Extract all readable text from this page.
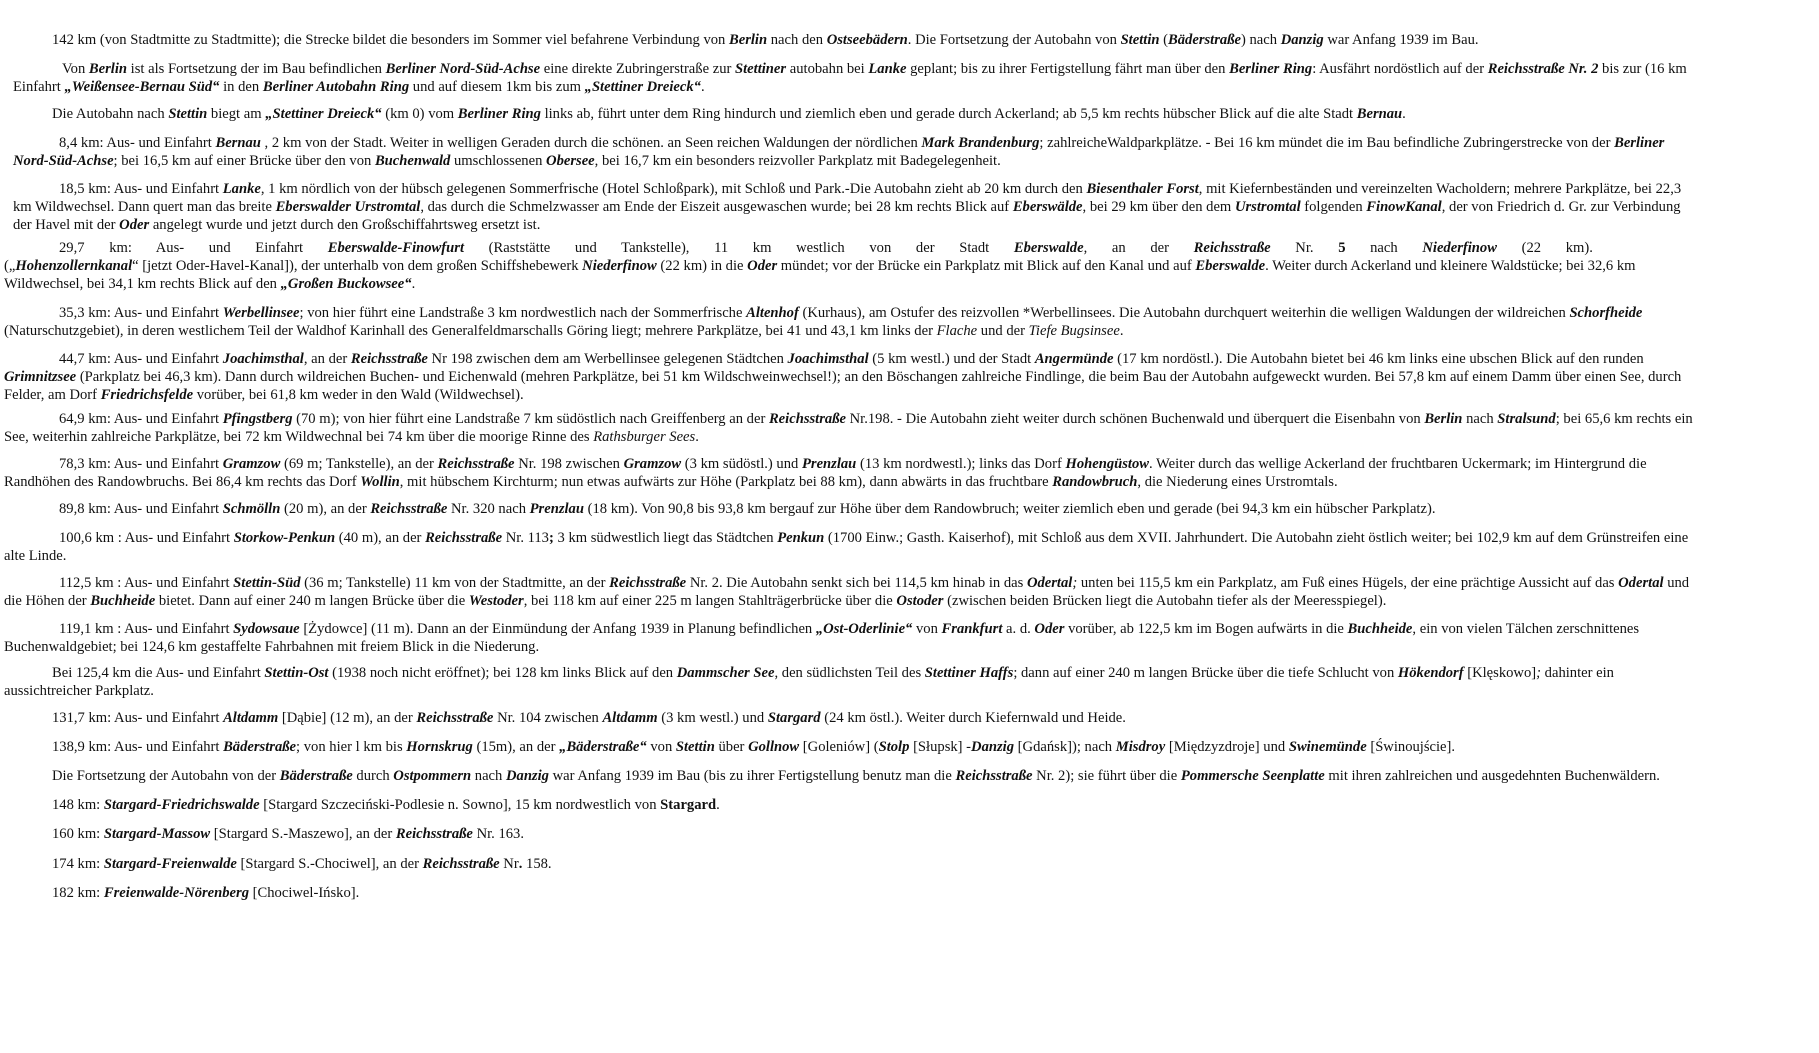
142 km (von Stadtmitte zu Stadtmitte); die Strecke bildet die besonders im Sommer viel befahrene Verbindung von Berlin nach den Ostseebädern. Die Fortsetzung der Autobahn von Stettin (Bäderstraße) nach Danzig war Anfang 1939 im Bau.
Von Berlin ist als Fortsetzung der im Bau befindlichen Berliner Nord-Süd-Achse eine direkte Zubringerstraße zur Stettiner autobahn bei Lanke geplant; bis zu ihrer Fertigstellung fährt man über den Berliner Ring: Ausfährt nordöstlich auf der Reichsstraße Nr. 2 bis zur (16 km
Einfahrt „Weißensee-Bernau Süd“ in den Berliner Autobahn Ring und auf diesem 1km bis zum „Stettiner Dreieck“.
Die Autobahn nach Stettin biegt am „Stettiner Dreieck“ (km 0) vom Berliner Ring links ab, führt unter dem Ring hindurch und ziemlich eben und gerade durch Ackerland; ab 5,5 km rechts hübscher Blick auf die alte Stadt Bernau.
8,4 km: Aus- und Einfahrt Bernau , 2 km von der Stadt. Weiter in welligen Geraden durch die schönen. an Seen reichen Waldungen der nördlichen Mark Brandenburg; zahlreicheWaldparkplätze. - Bei 16 km mündet die im Bau befindliche Zubringerstrecke von der Berliner
Nord-Süd-Achse; bei 16,5 km auf einer Brücke über den von Buchenwald umschlossenen Obersee, bei 16,7 km ein besonders reizvoller Parkplatz mit Badegelegenheit.
18,5 km: Aus- und Einfahrt Lanke, 1 km nördlich von der hübsch gelegenen Sommerfrische (Hotel Schloßpark), mit Schloß und Park.-Die Autobahn zieht ab 20 km durch den Biesenthaler Forst, mit Kiefernbeständen und vereinzelten Wacholdern; mehrere Parkplätze, bei 22,3
km Wildwechsel. Dann quert man das breite Eberswalder Urstromtal, das durch die Schmelzwasser am Ende der Eiszeit ausgewaschen wurde; bei 28 km rechts Blick auf Eberswälde, bei 29 km über den dem Urstromtal folgenden FinowKanal, der von Friedrich d. Gr. zur Verbindung
der Havel mit der Oder angelegt wurde und jetzt durch den Großschiffahrtsweg ersetzt ist.
29,7 km: Aus- und Einfahrt Eberswalde-Finowfurt (Raststätte und Tankstelle), 11 km westlich von der Stadt Eberswalde, an der Reichsstraße Nr. 5 nach Niederfinow (22 km).
(„Hohenzollernkanal“ [jetzt Oder-Havel-Kanal]), der unterhalb von dem großen Schiffshebewerk Niederfinow (22 km) in die Oder mündet; vor der Brücke ein Parkplatz mit Blick auf den Kanal und auf Eberswalde. Weiter durch Ackerland und kleinere Waldstücke; bei 32,6 km
Wildwechsel, bei 34,1 km rechts Blick auf den „Großen Buckowsee“.
35,3 km: Aus- und Einfahrt Werbellinsee; von hier führt eine Landstraße 3 km nordwestlich nach der Sommerfrische Altenhof (Kurhaus), am Ostufer des reizvollen *Werbellinsees. Die Autobahn durchquert weiterhin die welligen Waldungen der wildreichen Schorfheide
(Naturschutzgebiet), in deren westlichem Teil der Waldhof Karinhall des Generalfeldmarschalls Göring liegt; mehrere Parkplätze, bei 41 und 43,1 km links der Flache und der Tiefe Bugsinsee.
44,7 km: Aus- und Einfahrt Joachimsthal, an der Reichsstraße Nr 198 zwischen dem am Werbellinsee gelegenen Städtchen Joachimsthal (5 km westl.) und der Stadt Angermünde (17 km nordöstl.). Die Autobahn bietet bei 46 km links eine ubschen Blick auf den runden
Grimnitzsee (Parkplatz bei 46,3 km). Dann durch wildreichen Buchen- und Eichenwald (mehren Parkplätze, bei 51 km Wildschweinwechsel!); an den Böschangen zahlreiche Findlinge, die beim Bau der Autobahn aufgeweckt wurden. Bei 57,8 km auf einem Damm über einen See, durch
Felder, am Dorf Friedrichsfelde vorüber, bei 61,8 km weder in den Wald (Wildwechsel).
64,9 km: Aus- und Einfahrt Pfingstberg (70 m); von hier führt eine Landstraße 7 km südöstlich nach Greiffenberg an der Reichsstraße Nr.198. - Die Autobahn zieht weiter durch schönen Buchenwald und überquert die Eisenbahn von Berlin nach Stralsund; bei 65,6 km rechts ein
See, weiterhin zahlreiche Parkplätze, bei 72 km Wildwechnal bei 74 km über die moorige Rinne des Rathsburger Sees.
78,3 km: Aus- und Einfahrt Gramzow (69 m; Tankstelle), an der Reichsstraße Nr. 198 zwischen Gramzow (3 km südöstl.) und Prenzlau (13 km nordwestl.); links das Dorf Hohengüstow. Weiter durch das wellige Ackerland der fruchtbaren Uckermark; im Hintergrund die
Randhöhen des Randowbruchs. Bei 86,4 km rechts das Dorf Wollin, mit hübschem Kirchturm; nun etwas aufwärts zur Höhe (Parkplatz bei 88 km), dann abwärts in das fruchtbare Randowbruch, die Niederung eines Urstromtals.
89,8 km: Aus- und Einfahrt Schmölln (20 m), an der Reichsstraße Nr. 320 nach Prenzlau (18 km). Von 90,8 bis 93,8 km bergauf zur Höhe über dem Randowbruch; weiter ziemlich eben und gerade (bei 94,3 km ein hübscher Parkplatz).
100,6 km : Aus- und Einfahrt Storkow-Penkun (40 m), an der Reichsstraße Nr. 113; 3 km südwestlich liegt das Städtchen Penkun (1700 Einw.; Gasth. Kaiserhof), mit Schloß aus dem XVII. Jahrhundert. Die Autobahn zieht östlich weiter; bei 102,9 km auf dem Grünstreifen eine
alte Linde.
112,5 km : Aus- und Einfahrt Stettin-Süd (36 m; Tankstelle) 11 km von der Stadtmitte, an der Reichsstraße Nr. 2. Die Autobahn senkt sich bei 114,5 km hinab in das Odertal; unten bei 115,5 km ein Parkplatz, am Fuß eines Hügels, der eine prächtige Aussicht auf das Odertal und
die Höhen der Buchheide bietet. Dann auf einer 240 m langen Brücke über die Westoder, bei 118 km auf einer 225 m langen Stahlträgerbrücke über die Ostoder (zwischen beiden Brücken liegt die Autobahn tiefer als der Meeresspiegel).
119,1 km : Aus- und Einfahrt Sydowsaue [Żydowce] (11 m). Dann an der Einmündung der Anfang 1939 in Planung befindlichen „Ost-Oderlinie“ von Frankfurt a. d. Oder vorüber, ab 122,5 km im Bogen aufwärts in die Buchheide, ein von vielen Tälchen zerschnittenes
Buchenwaldgebiet; bei 124,6 km gestaffelte Fahrbahnen mit freiem Blick in die Niederung.
Bei 125,4 km die Aus- und Einfahrt Stettin-Ost (1938 noch nicht eröffnet); bei 128 km links Blick auf den Dammscher See, den südlichsten Teil des Stettiner Haffs; dann auf einer 240 m langen Brücke über die tiefe Schlucht von Hökendorf [Klęskowo]; dahinter ein
aussichtreicher Parkplatz.
131,7 km: Aus- und Einfahrt Altdamm [Dąbie] (12 m), an der Reichsstraße Nr. 104 zwischen Altdamm (3 km westl.) und Stargard (24 km östl.). Weiter durch Kiefernwald und Heide.
138,9 km: Aus- und Einfahrt Bäderstraße; von hier l km bis Hornskrug (15m), an der „Bäderstraße“ von Stettin über Gollnow [Goleniów] (Stolp [Słupsk] -Danzig [Gdańsk]); nach Misdroy [Międzyzdroje] und Swinemünde [Świnoujście].
Die Fortsetzung der Autobahn von der Bäderstraße durch Ostpommern nach Danzig war Anfang 1939 im Bau (bis zu ihrer Fertigstellung benutz man die Reichsstraße Nr. 2); sie führt über die Pommersche Seenplatte mit ihren zahlreichen und ausgedehnten Buchenwäldern.
148 km: Stargard-Friedrichswalde [Stargard Szczeciński-Podlesie n. Sowno], 15 km nordwestlich von Stargard.
160 km: Stargard-Massow [Stargard S.-Maszewo], an der Reichsstraße Nr. 163.
174 km: Stargard-Freienwalde [Stargard S.-Chociwel], an der Reichsstraße Nr. 158.
182 km: Freienwalde-Nörenberg [Chociwel-Ińsko].
